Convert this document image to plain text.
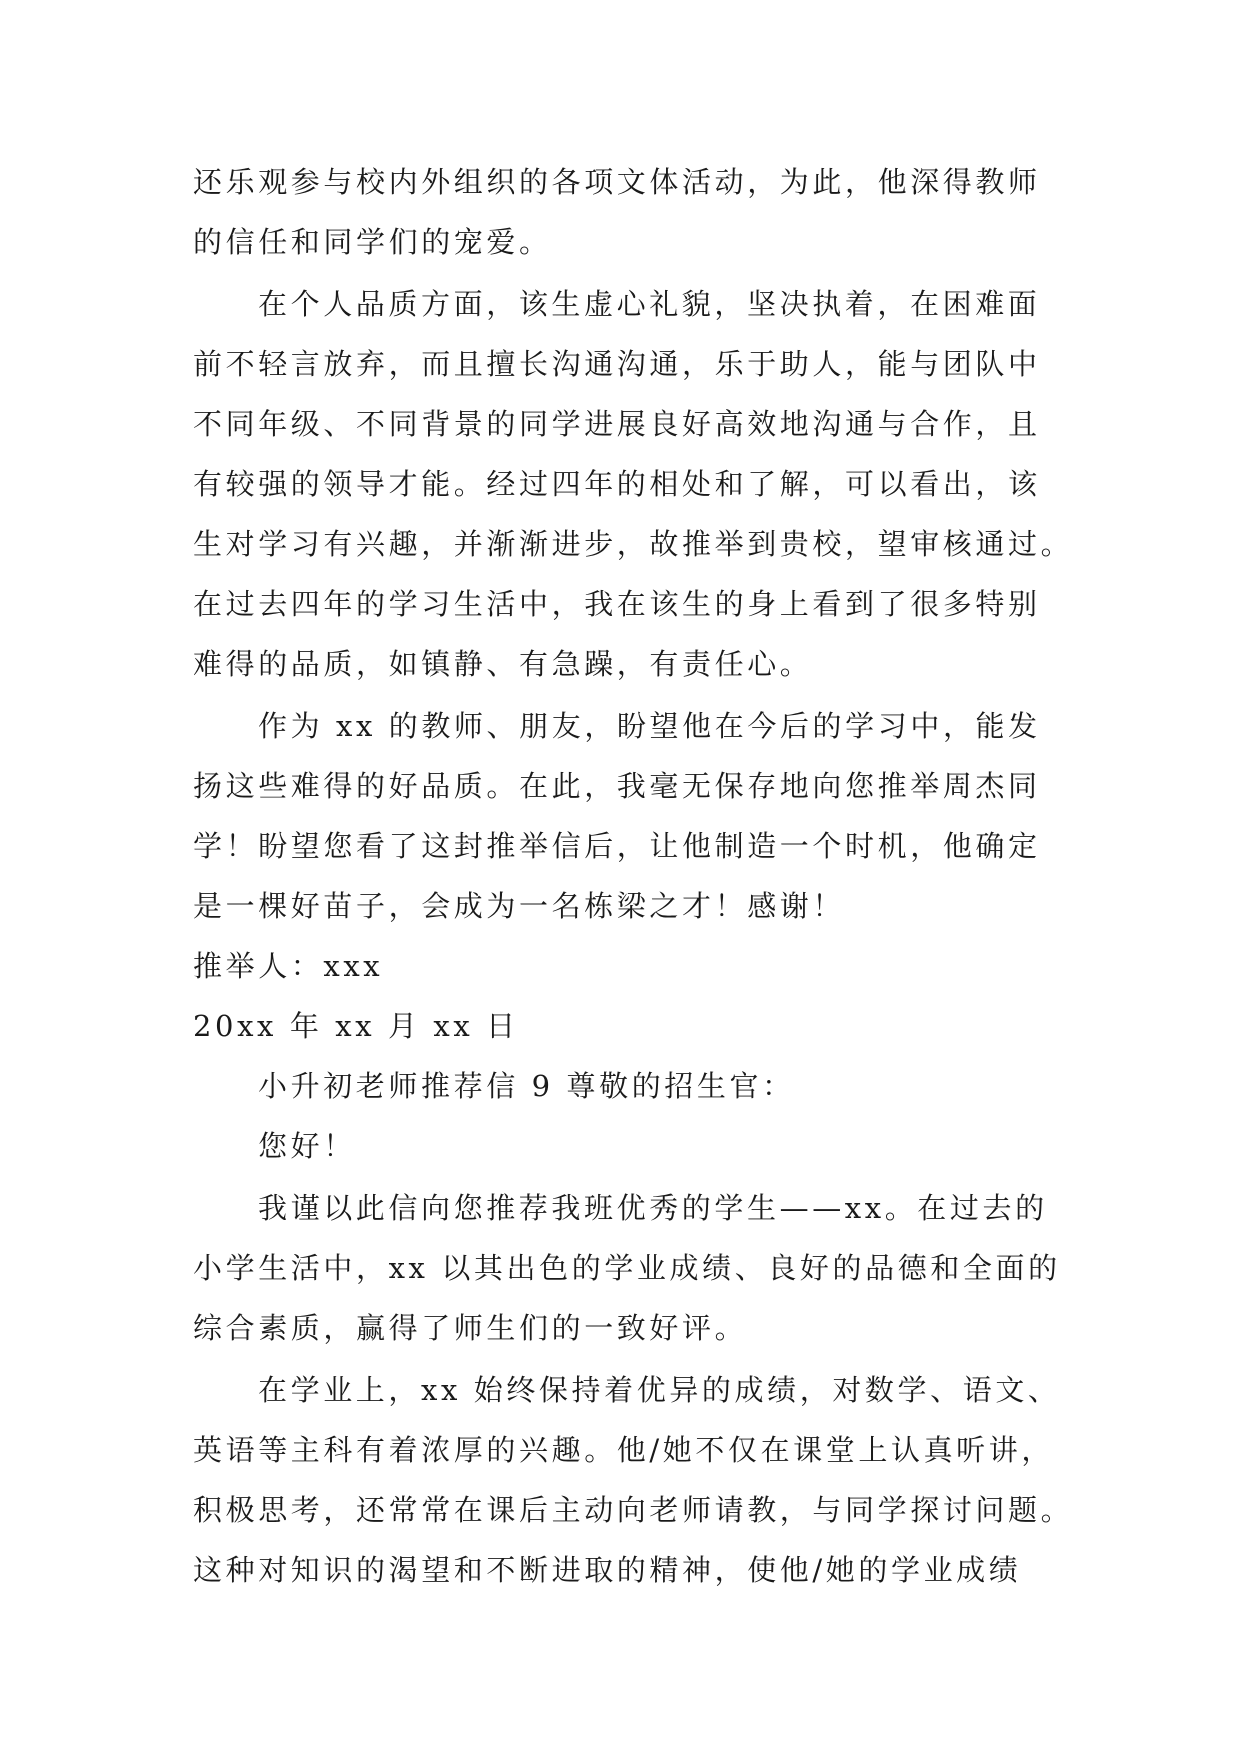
还乐观参与校内外组织的各项文体活动，为此，他深得教师
的信任和同学们的宠爱。
在个人品质方面，该生虚心礼貌，坚决执着，在困难面
前不轻言放弃，而且擅长沟通沟通，乐于助人，能与团队中
不同年级、不同背景的同学进展良好高效地沟通与合作，且
有较强的领导才能。经过四年的相处和了解，可以看出，该
生对学习有兴趣，并渐渐进步，故推举到贵校，望审核通过。
在过去四年的学习生活中，我在该生的身上看到了很多特别
难得的品质，如镇静、有急躁，有责任心。
作为 xx 的教师、朋友，盼望他在今后的学习中，能发
扬这些难得的好品质。在此，我毫无保存地向您推举周杰同
学！盼望您看了这封推举信后，让他制造一个时机，他确定
是一棵好苗子，会成为一名栋梁之才！感谢！
推举人：xxx
20xx 年 xx 月 xx 日
小升初老师推荐信 9 尊敬的招生官：
您好！
我谨以此信向您推荐我班优秀的学生——xx。在过去的
小学生活中，xx 以其出色的学业成绩、良好的品德和全面的
综合素质，赢得了师生们的一致好评。
在学业上，xx 始终保持着优异的成绩，对数学、语文、
英语等主科有着浓厚的兴趣。他/她不仅在课堂上认真听讲，
积极思考，还常常在课后主动向老师请教，与同学探讨问题。
这种对知识的渴望和不断进取的精神，使他/她的学业成绩
